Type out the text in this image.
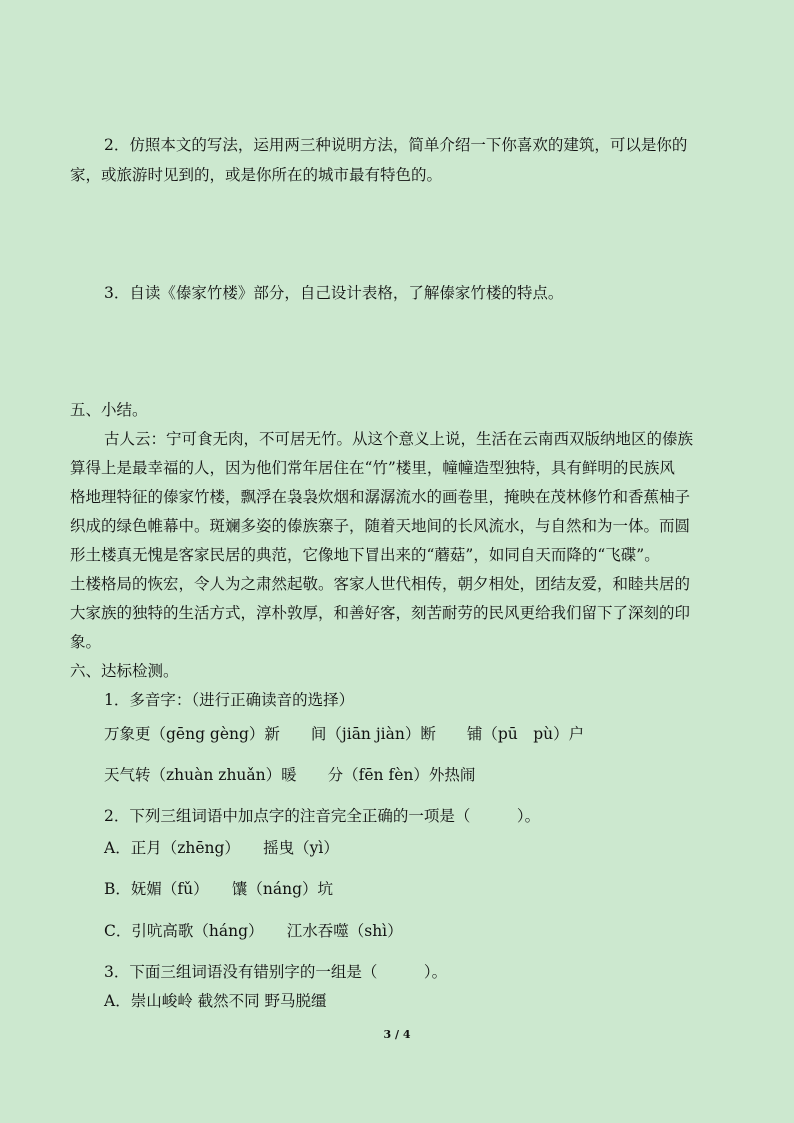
2．仿照本文的写法，运用两三种说明方法，简单介绍一下你喜欢的建筑，可以是你的
家，或旅游时见到的，或是你所在的城市最有特色的。
3．自读《傣家竹楼》部分，自己设计表格，了解傣家竹楼的特点。
五、小结。
古人云：宁可食无肉，不可居无竹。从这个意义上说，生活在云南西双版纳地区的傣族
算得上是最幸福的人，因为他们常年居住在“竹”楼里，幢幢造型独特，具有鲜明的民族风
格地理特征的傣家竹楼，飘浮在袅袅炊烟和潺潺流水的画卷里，掩映在茂林修竹和香蕉柚子
织成的绿色帷幕中。斑斓多姿的傣族寨子，随着天地间的长风流水，与自然和为一体。而圆
形土楼真无愧是客家民居的典范，它像地下冒出来的“蘑菇”，如同自天而降的“飞碟”。
土楼格局的恢宏，令人为之肃然起敬。客家人世代相传，朝夕相处，团结友爱，和睦共居的
大家族的独特的生活方式，淳朴敦厚，和善好客，刻苦耐劳的民风更给我们留下了深刻的印
象。
六、达标检测。
1．多音字：（进行正确读音的选择）
万象更（gēng gèng）新　　间（jiān jiàn）断　　铺（pū　pù）户
天气转（zhuàn zhuǎn）暖　　分（fēn fèn）外热闹
2．下列三组词语中加点字的注音完全正确的一项是（　　　）。
A．正月（zhēng）　　摇曳（yì）
B．妩媚（fǔ）　　馕（náng）坑
C．引吭高歌（háng）　　江水吞噬（shì）
3．下面三组词语没有错别字的一组是（　　　）。
A．崇山峻岭 截然不同 野马脱缰
3 / 4
